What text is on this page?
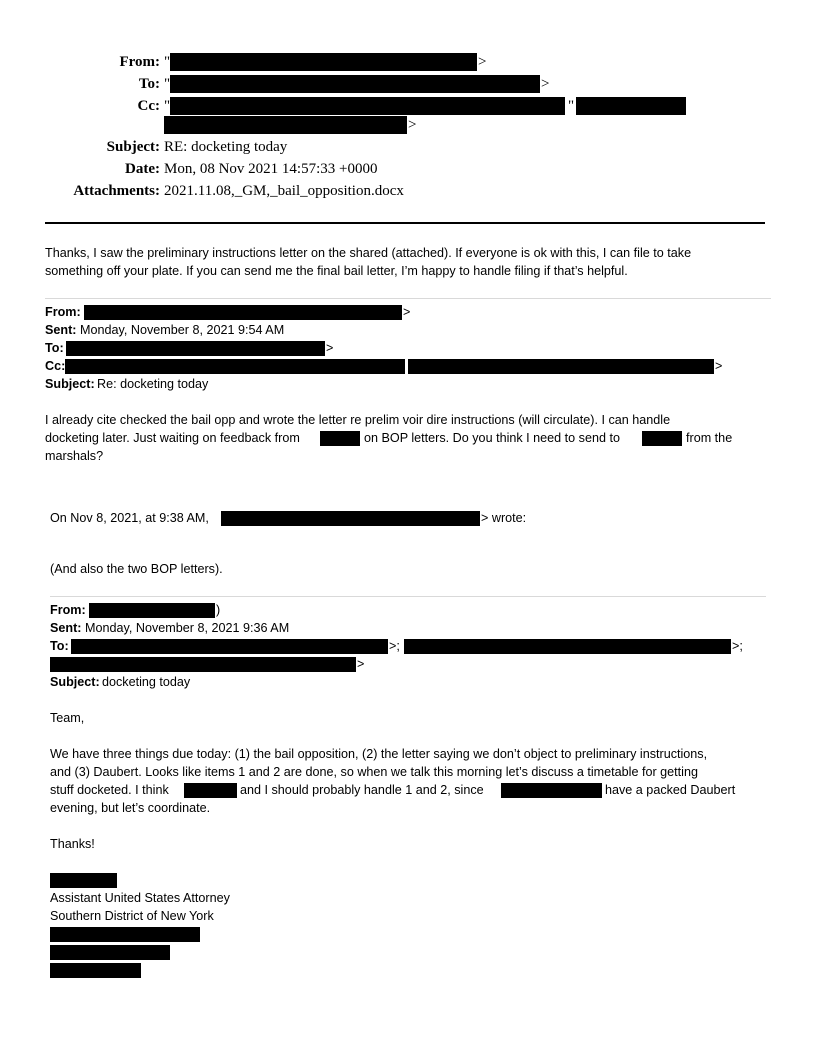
From: "	>
To: "	>
Cc: "	"
>
Subject: RE: docketing today
Date: Mon, 08 Nov 2021 14:57:33 +0000
Attachments: 2021.11.08,_GM,_bail_opposition.docx
Thanks, I saw the preliminary instructions letter on the shared (attached). If everyone is ok with this, I can file to take
something off your plate. If you can send me the final bail letter, I’m happy to handle filing if that’s helpful.
From:	>
Sent: Monday, November 8, 2021 9:54 AM
To:	>
Cc:	>
Subject: Re: docketing today
I already cite checked the bail opp and wrote the letter re prelim voir dire instructions (will circulate). I can handle
docketing later. Just waiting on feedback from	on BOP letters. Do you think I need to send to	from the
marshals?
On Nov 8, 2021, at 9:38 AM,	> wrote:
(And also the two BOP letters).
From:	)
Sent: Monday, November 8, 2021 9:36 AM
To:	>;	>;
>
Subject: docketing today
Team,
We have three things due today: (1) the bail opposition, (2) the letter saying we don’t object to preliminary instructions,
and (3) Daubert. Looks like items 1 and 2 are done, so when we talk this morning let’s discuss a timetable for getting
stuff docketed. I think	and I should probably handle 1 and 2, since	have a packed Daubert
evening, but let’s coordinate.
Thanks!
Assistant United States Attorney
Southern District of New York
